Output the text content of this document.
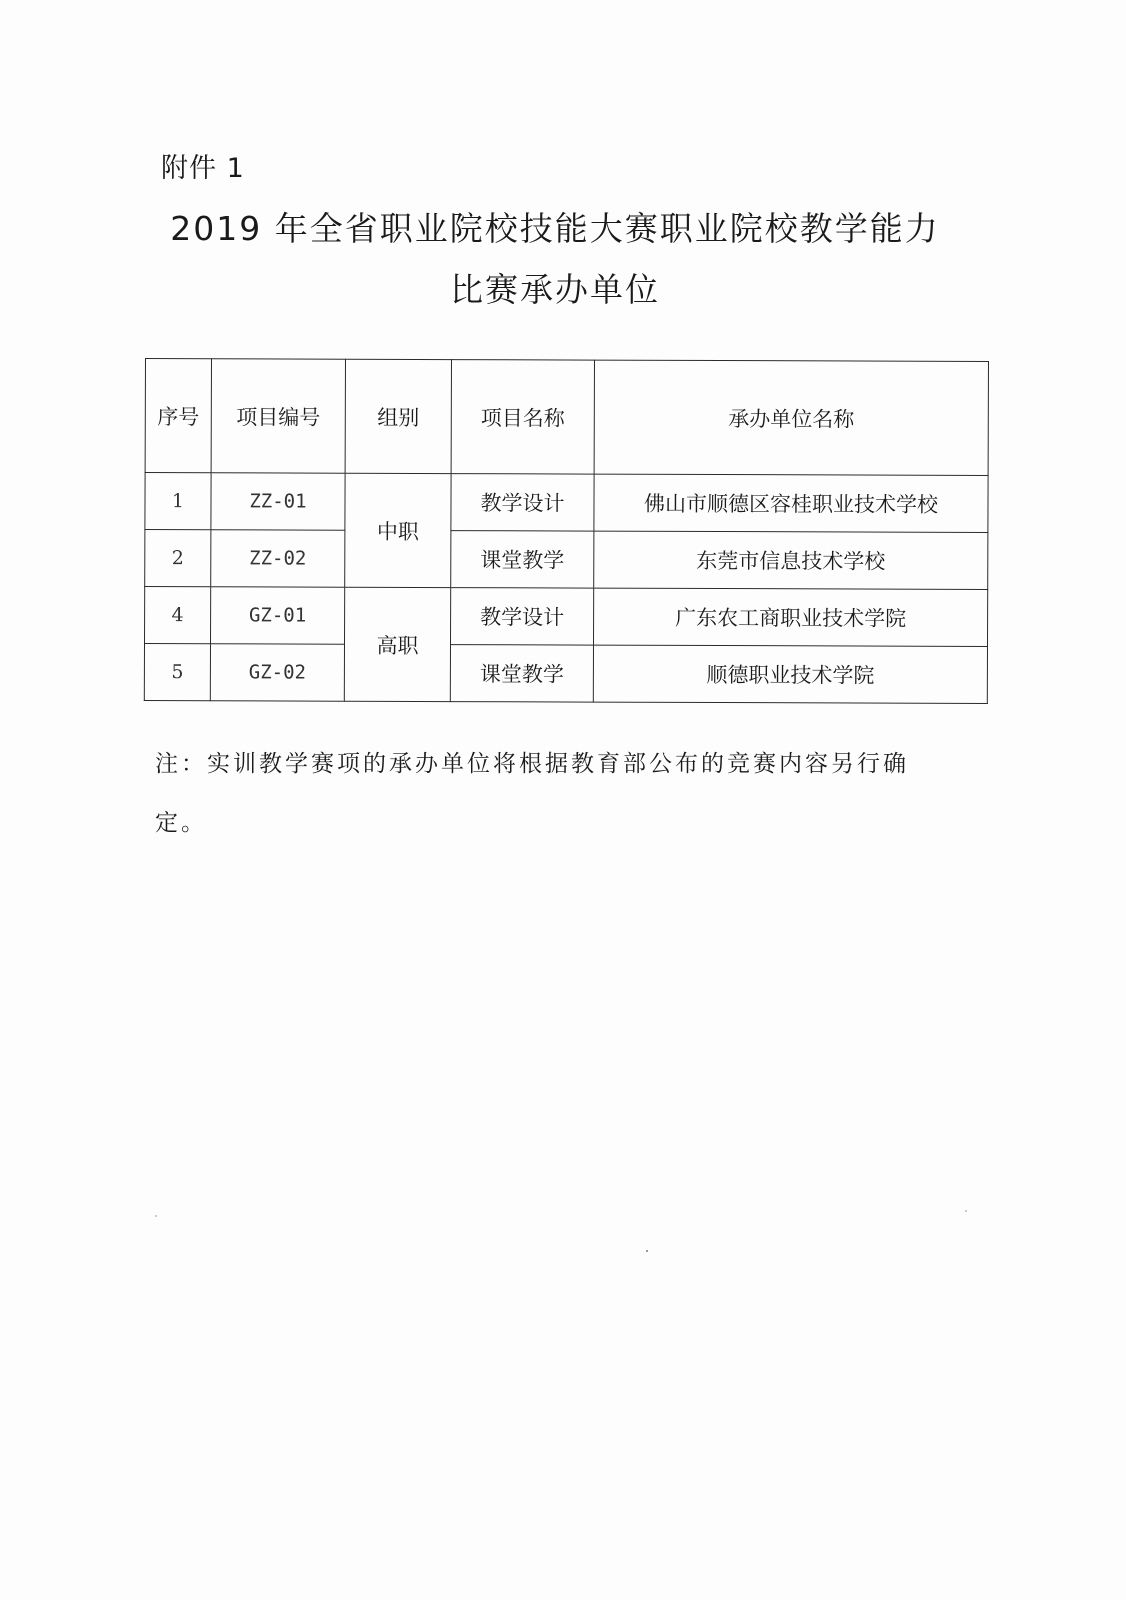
附件 1
2019 年全省职业院校技能大赛职业院校教学能力
比赛承办单位
序号	项目编号	组别	项目名称	承办单位名称
1	ZZ-01	中职	教学设计	佛山市顺德区容桂职业技术学校
2	ZZ-02		课堂教学	东莞市信息技术学校
4	GZ-01	高职	教学设计	广东农工商职业技术学院
5	GZ-02		课堂教学	顺德职业技术学院
注：实训教学赛项的承办单位将根据教育部公布的竞赛内容另行确
定。
